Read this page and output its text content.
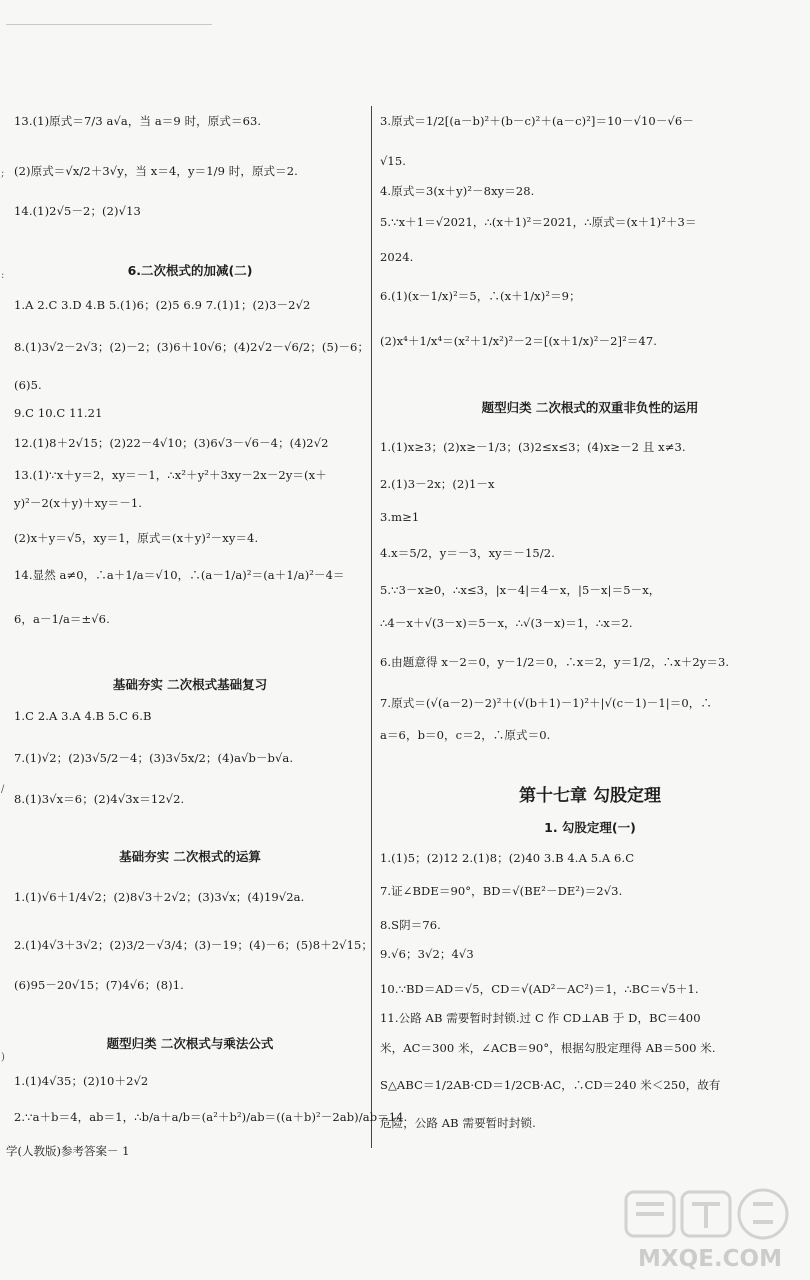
13.(1)原式＝7/3 a√a，当 a＝9 时，原式＝63.
(2)原式＝√x/2＋3√y，当 x＝4，y＝1/9 时，原式＝2.
14.(1)2√5－2；(2)√13
6.二次根式的加减(二)
1.A 2.C 3.D 4.B 5.(1)6；(2)5 6.9 7.(1)1；(2)3－2√2
8.(1)3√2－2√3；(2)－2；(3)6＋10√6；(4)2√2－√6/2；(5)－6；
(6)5.
9.C 10.C 11.21
12.(1)8＋2√15；(2)22－4√10；(3)6√3－√6－4；(4)2√2
13.(1)∵x＋y＝2，xy＝－1，∴x²＋y²＋3xy－2x－2y＝(x＋
y)²－2(x＋y)＋xy＝－1.
(2)x＋y＝√5，xy＝1，原式＝(x＋y)²－xy＝4.
14.显然 a≠0，∴a＋1/a＝√10，∴(a－1/a)²＝(a＋1/a)²－4＝
6，a－1/a＝±√6.
基础夯实 二次根式基础复习
1.C 2.A 3.A 4.B 5.C 6.B
7.(1)√2；(2)3√5/2－4；(3)3√5x/2；(4)a√b－b√a.
8.(1)3√x＝6；(2)4√3x＝12√2.
基础夯实 二次根式的运算
1.(1)√6＋1/4√2；(2)8√3＋2√2；(3)3√x；(4)19√2a.
2.(1)4√3＋3√2；(2)3/2－√3/4；(3)－19；(4)－6；(5)8＋2√15；
(6)95－20√15；(7)4√6；(8)1.
题型归类 二次根式与乘法公式
1.(1)4√35；(2)10＋2√2
2.∵a＋b＝4，ab＝1，∴b/a＋a/b＝(a²＋b²)/ab＝((a＋b)²－2ab)/ab＝14.
3.原式＝1/2[(a－b)²＋(b－c)²＋(a－c)²]＝10－√10－√6－
√15.
4.原式＝3(x＋y)²－8xy＝28.
5.∵x＋1＝√2021，∴(x＋1)²＝2021，∴原式＝(x＋1)²＋3＝
2024.
6.(1)(x－1/x)²＝5，∴(x＋1/x)²＝9；
(2)x⁴＋1/x⁴＝(x²＋1/x²)²－2＝[(x＋1/x)²－2]²＝47.
题型归类 二次根式的双重非负性的运用
1.(1)x≥3；(2)x≥－1/3；(3)2≤x≤3；(4)x≥－2 且 x≠3.
2.(1)3－2x；(2)1－x
3.m≥1
4.x＝5/2，y＝－3，xy＝－15/2.
5.∵3－x≥0，∴x≤3，|x－4|＝4－x，|5－x|＝5－x，
∴4－x＋√(3－x)＝5－x，∴√(3－x)＝1，∴x＝2.
6.由题意得 x－2＝0，y－1/2＝0，∴x＝2，y＝1/2，∴x＋2y＝3.
7.原式＝(√(a－2)－2)²＋(√(b＋1)－1)²＋|√(c－1)－1|＝0，∴
a＝6，b＝0，c＝2，∴原式＝0.
第十七章 勾股定理
1. 勾股定理(一)
1.(1)5；(2)12 2.(1)8；(2)40 3.B 4.A 5.A 6.C
7.证∠BDE＝90°，BD＝√(BE²－DE²)＝2√3.
8.S阴＝76.
9.√6；3√2；4√3
10.∵BD＝AD＝√5，CD＝√(AD²－AC²)＝1，∴BC＝√5＋1.
11.公路 AB 需要暂时封锁.过 C 作 CD⊥AB 于 D，BC＝400
米，AC＝300 米，∠ACB＝90°，根据勾股定理得 AB＝500 米.
S△ABC＝1/2AB·CD＝1/2CB·AC，∴CD＝240 米＜250，故有
危险，公路 AB 需要暂时封锁.
学(人教版)参考答案－ 1
;
:
/
)
MXQE.COM
